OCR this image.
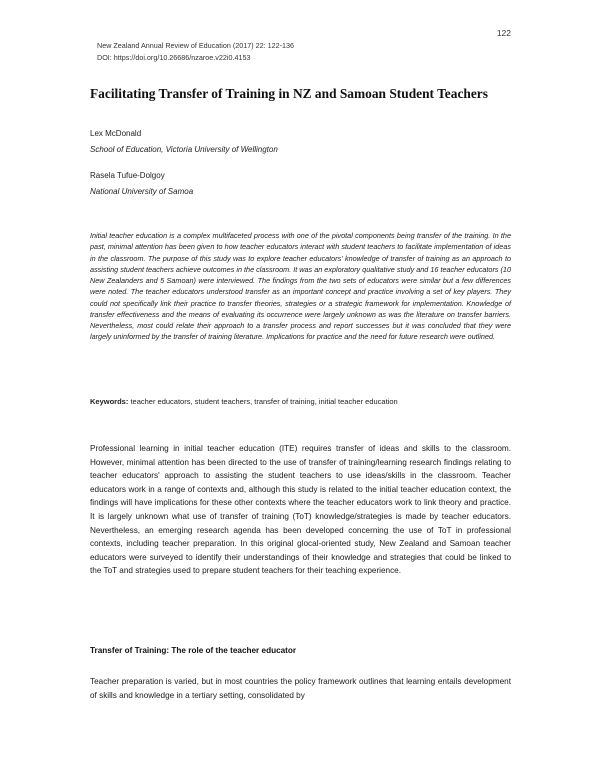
122
New Zealand Annual Review of Education (2017) 22: 122-136
DOI: https://doi.org/10.26686/nzaroe.v22i0.4153
Facilitating Transfer of Training in NZ and Samoan Student Teachers
Lex McDonald
School of Education, Victoria University of Wellington
Rasela Tufue-Dolgoy
National University of Samoa

Initial teacher education is a complex multifaceted process with one of the pivotal components being transfer of the training. In the past, minimal attention has been given to how teacher educators interact with student teachers to facilitate implementation of ideas in the classroom. The purpose of this study was to explore teacher educators' knowledge of transfer of training as an approach to assisting student teachers achieve outcomes in the classroom. It was an exploratory qualitative study and 16 teacher educators (10 New Zealanders and 5 Samoan) were interviewed. The findings from the two sets of educators were similar but a few differences were noted. The teacher educators understood transfer as an important concept and practice involving a set of key players. They could not specifically link their practice to transfer theories, strategies or a strategic framework for implementation. Knowledge of transfer effectiveness and the means of evaluating its occurrence were largely unknown as was the literature on transfer barriers. Nevertheless, most could relate their approach to a transfer process and report successes but it was concluded that they were largely uninformed by the transfer of training literature. Implications for practice and the need for future research were outlined.

Keywords: teacher educators, student teachers, transfer of training, initial teacher education

Professional learning in initial teacher education (ITE) requires transfer of ideas and skills to the classroom. However, minimal attention has been directed to the use of transfer of training/learning research findings relating to teacher educators' approach to assisting the student teachers to use ideas/skills in the classroom. Teacher educators work in a range of contexts and, although this study is related to the initial teacher education context, the findings will have implications for these other contexts where the teacher educators work to link theory and practice. It is largely unknown what use of transfer of training (ToT) knowledge/strategies is made by teacher educators. Nevertheless, an emerging research agenda has been developed concerning the use of ToT in professional contexts, including teacher preparation. In this original glocal-oriented study, New Zealand and Samoan teacher educators were surveyed to identify their understandings of their knowledge and strategies that could be linked to the ToT and strategies used to prepare student teachers for their teaching experience.

Transfer of Training: The role of the teacher educator

Teacher preparation is varied, but in most countries the policy framework outlines that learning entails development of skills and knowledge in a tertiary setting, consolidated by
